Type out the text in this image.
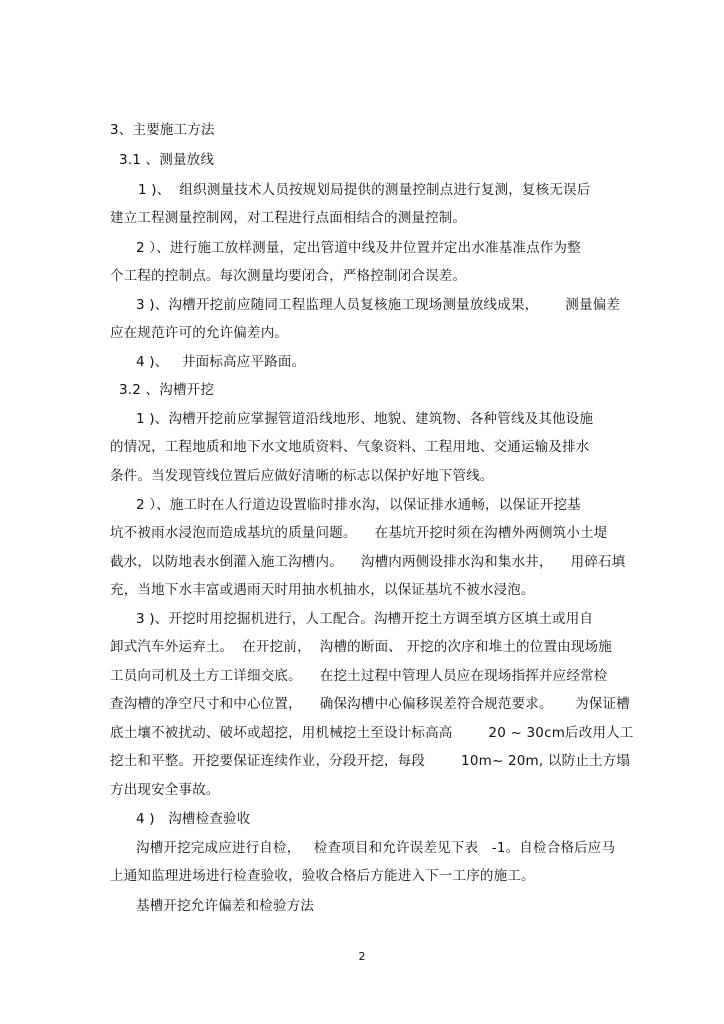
3、主要施工方法
3.1 、测量放线
1 )、  组织测量技术人员按规划局提供的测量控制点进行复测，复核无误后
建立工程测量控制网，对工程进行点面相结合的测量控制。
2 ）、进行施工放样测量，定出管道中线及井位置并定出水准基准点作为整
个工程的控制点。每次测量均要闭合，严格控制闭合误差。
3 )、沟槽开挖前应随同工程监理人员复核施工现场测量放线成果，      测量偏差
应在规范许可的允许偏差内。
4 )、   井面标高应平路面。
3.2 、沟槽开挖
1 )、沟槽开挖前应掌握管道沿线地形、地貌、建筑物、各种管线及其他设施
的情况，工程地质和地下水文地质资料、气象资料、工程用地、交通运输及排水
条件。当发现管线位置后应做好清晰的标志以保护好地下管线。
2 ）、施工时在人行道边设置临时排水沟，以保证排水通畅，以保证开挖基
坑不被雨水浸泡而造成基坑的质量问题。    在基坑开挖时须在沟槽外两侧筑小土堤
截水，以防地表水倒灌入施工沟槽内。    沟槽内两侧设排水沟和集水井，    用碎石填
充，当地下水丰富或遇雨天时用抽水机抽水，以保证基坑不被水浸泡。
3 )、开挖时用挖掘机进行，人工配合。沟槽开挖土方调至填方区填土或用自
卸式汽车外运弃土。  在开挖前，  沟槽的断面、 开挖的次序和堆土的位置由现场施
工员向司机及土方工详细交底。    在挖土过程中管理人员应在现场指挥并应经常检
查沟槽的净空尺寸和中心位置，    确保沟槽中心偏移误差符合规范要求。     为保证槽
底土壤不被扰动、破坏或超挖，用机械挖土至设计标高高        20 ~ 30cm后改用人工
挖土和平整。开挖要保证连续作业，分段开挖，每段        10m~ 20m, 以防止土方塌
方出现安全事故。
4 )   沟槽检查验收
沟槽开挖完成应进行自检，   检查项目和允许误差见下表   -1。自检合格后应马
上通知监理进场进行检查验收，验收合格后方能进入下一工序的施工。
基槽开挖允许偏差和检验方法
2
